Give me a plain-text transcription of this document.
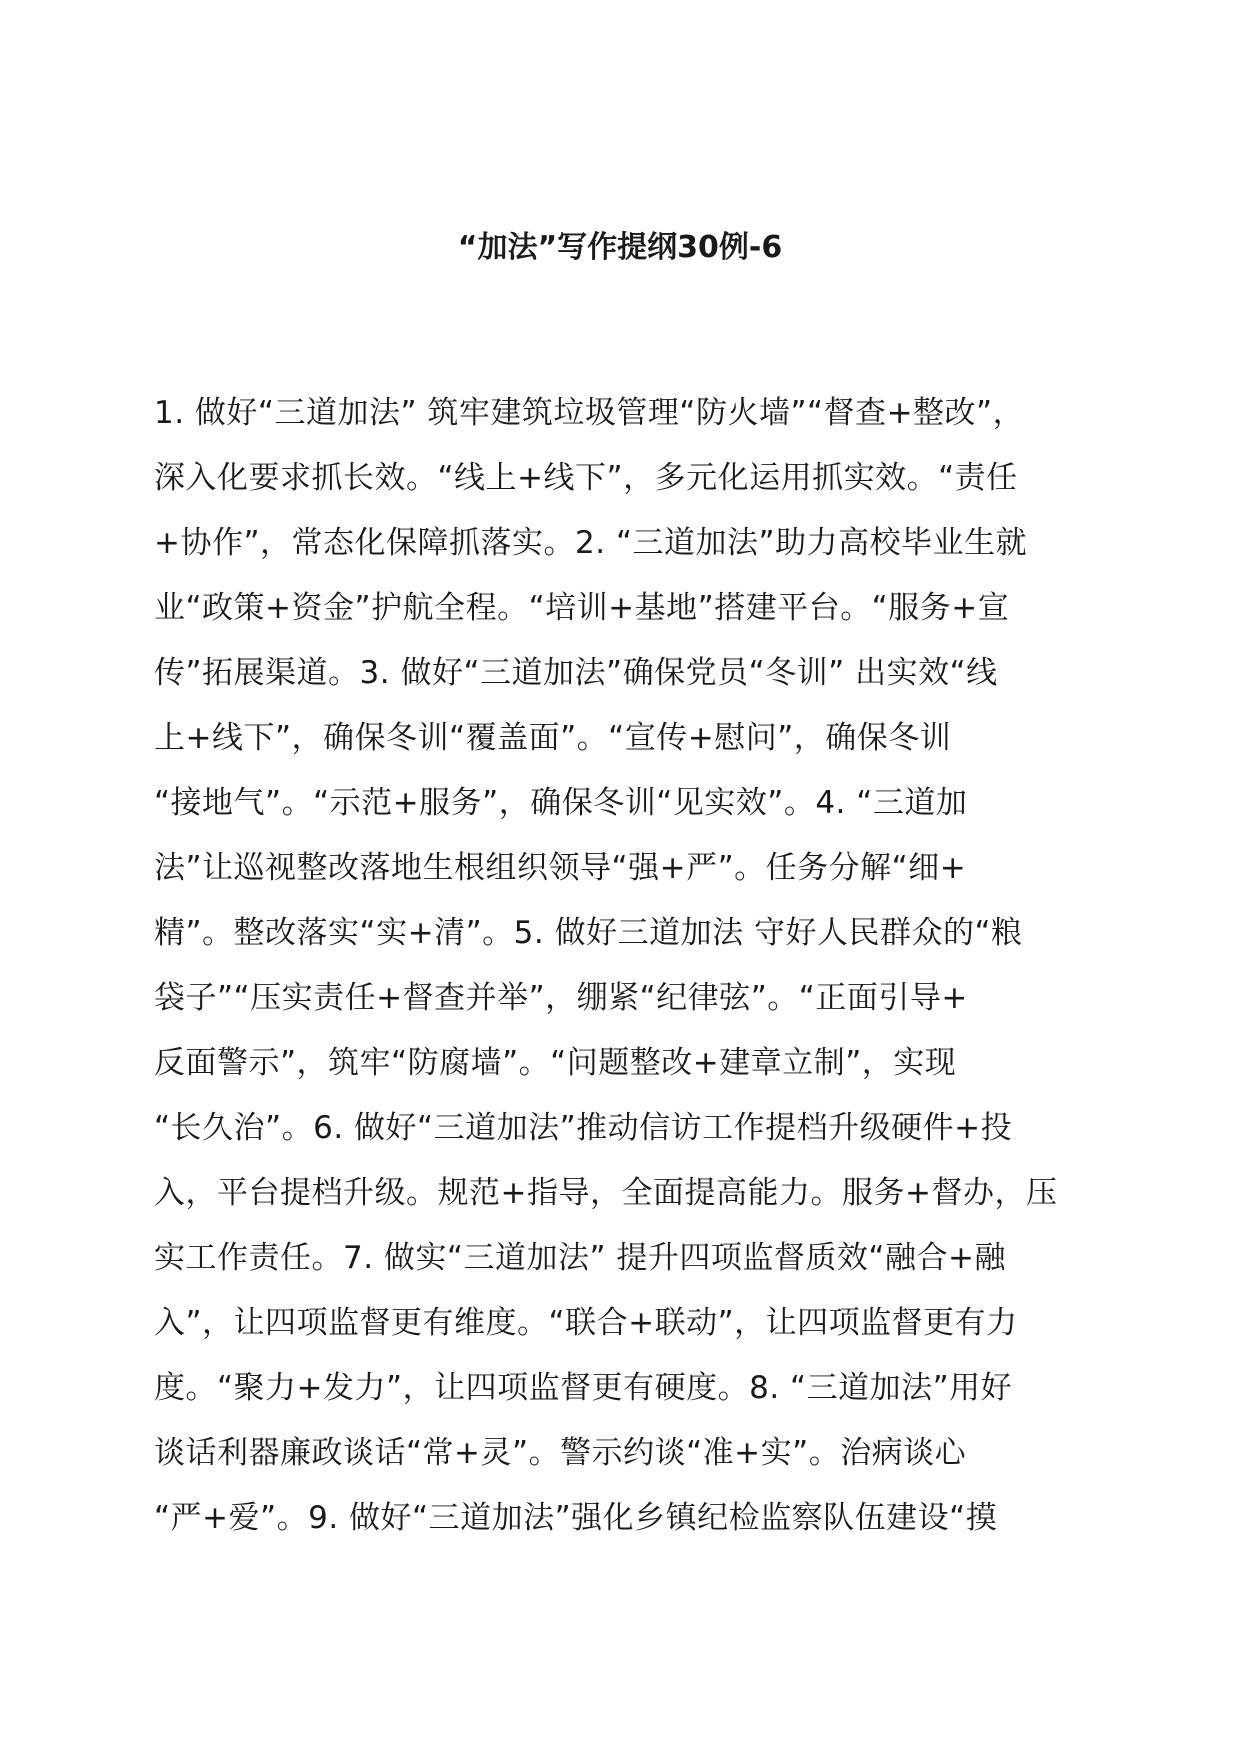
“加法”写作提纲30例-6
1. 做好“三道加法” 筑牢建筑垃圾管理“防火墙”“督查+整改”，
深入化要求抓长效。“线上+线下”，多元化运用抓实效。“责任
+协作”，常态化保障抓落实。2. “三道加法”助力高校毕业生就
业“政策+资金”护航全程。“培训+基地”搭建平台。“服务+宣
传”拓展渠道。3. 做好“三道加法”确保党员“冬训” 出实效“线
上+线下”，确保冬训“覆盖面”。“宣传+慰问”，确保冬训
“接地气”。“示范+服务”，确保冬训“见实效”。4. “三道加
法”让巡视整改落地生根组织领导“强+严”。任务分解“细+
精”。整改落实“实+清”。5. 做好三道加法 守好人民群众的“粮
袋子”“压实责任+督查并举”，绷紧“纪律弦”。“正面引导+
反面警示”，筑牢“防腐墙”。“问题整改+建章立制”，实现
“长久治”。6. 做好“三道加法”推动信访工作提档升级硬件+投
入，平台提档升级。规范+指导，全面提高能力。服务+督办，压
实工作责任。7. 做实“三道加法” 提升四项监督质效“融合+融
入”，让四项监督更有维度。“联合+联动”，让四项监督更有力
度。“聚力+发力”，让四项监督更有硬度。8. “三道加法”用好
谈话利器廉政谈话“常+灵”。警示约谈“准+实”。治病谈心
“严+爱”。9. 做好“三道加法”强化乡镇纪检监察队伍建设“摸
